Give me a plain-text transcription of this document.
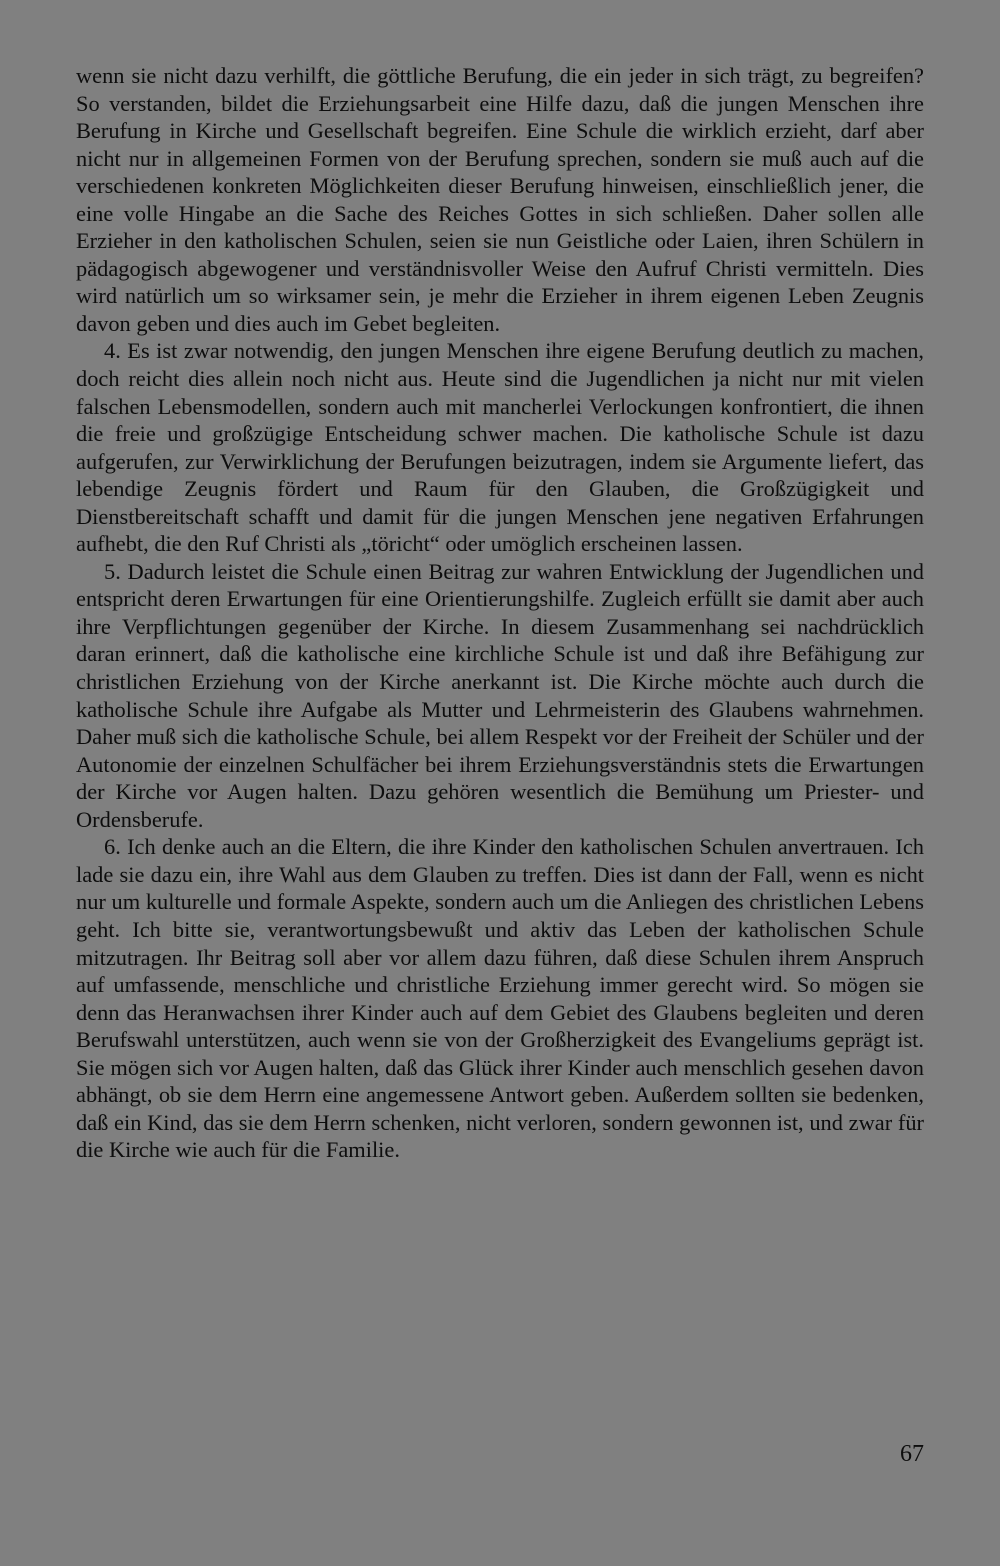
wenn sie nicht dazu verhilft, die göttliche Berufung, die ein jeder in sich trägt, zu begreifen? So verstanden, bildet die Erziehungsarbeit eine Hilfe dazu, daß die jungen Menschen ihre Berufung in Kirche und Gesellschaft begreifen. Eine Schule die wirklich erzieht, darf aber nicht nur in allgemeinen Formen von der Berufung sprechen, sondern sie muß auch auf die verschiedenen konkreten Möglichkeiten dieser Berufung hinweisen, einschließlich jener, die eine volle Hingabe an die Sache des Reiches Gottes in sich schließen. Daher sollen alle Erzieher in den katholischen Schulen, seien sie nun Geistliche oder Laien, ihren Schülern in pädagogisch abgewogener und verständnisvoller Weise den Aufruf Christi vermitteln. Dies wird natürlich um so wirksamer sein, je mehr die Erzieher in ihrem eigenen Leben Zeugnis davon geben und dies auch im Gebet begleiten.

4. Es ist zwar notwendig, den jungen Menschen ihre eigene Berufung deutlich zu machen, doch reicht dies allein noch nicht aus. Heute sind die Jugendlichen ja nicht nur mit vielen falschen Lebensmodellen, sondern auch mit mancherlei Verlockungen konfrontiert, die ihnen die freie und großzügige Entscheidung schwer machen. Die katholische Schule ist dazu aufgerufen, zur Verwirklichung der Berufungen beizutragen, indem sie Argumente liefert, das lebendige Zeugnis fördert und Raum für den Glauben, die Großzügigkeit und Dienstbereitschaft schafft und damit für die jungen Menschen jene negativen Erfahrungen aufhebt, die den Ruf Christi als „töricht“ oder umöglich erscheinen lassen.

5. Dadurch leistet die Schule einen Beitrag zur wahren Entwicklung der Jugendlichen und entspricht deren Erwartungen für eine Orientierungshilfe. Zugleich erfüllt sie damit aber auch ihre Verpflichtungen gegenüber der Kirche. In diesem Zusammenhang sei nachdrücklich daran erinnert, daß die katholische eine kirchliche Schule ist und daß ihre Befähigung zur christlichen Erziehung von der Kirche anerkannt ist. Die Kirche möchte auch durch die katholische Schule ihre Aufgabe als Mutter und Lehrmeisterin des Glaubens wahrnehmen. Daher muß sich die katholische Schule, bei allem Respekt vor der Freiheit der Schüler und der Autonomie der einzelnen Schulfächer bei ihrem Erziehungsverständnis stets die Erwartungen der Kirche vor Augen halten. Dazu gehören wesentlich die Bemühung um Priester- und Ordensberufe.

6. Ich denke auch an die Eltern, die ihre Kinder den katholischen Schulen anvertrauen. Ich lade sie dazu ein, ihre Wahl aus dem Glauben zu treffen. Dies ist dann der Fall, wenn es nicht nur um kulturelle und formale Aspekte, sondern auch um die Anliegen des christlichen Lebens geht. Ich bitte sie, verantwortungsbewußt und aktiv das Leben der katholischen Schule mitzutragen. Ihr Beitrag soll aber vor allem dazu führen, daß diese Schulen ihrem Anspruch auf umfassende, menschliche und christliche Erziehung immer gerecht wird. So mögen sie denn das Heranwachsen ihrer Kinder auch auf dem Gebiet des Glaubens begleiten und deren Berufswahl unterstützen, auch wenn sie von der Großherzigkeit des Evangeliums geprägt ist. Sie mögen sich vor Augen halten, daß das Glück ihrer Kinder auch menschlich gesehen davon abhängt, ob sie dem Herrn eine angemessene Antwort geben. Außerdem sollten sie bedenken, daß ein Kind, das sie dem Herrn schenken, nicht verloren, sondern gewonnen ist, und zwar für die Kirche wie auch für die Familie.

67
